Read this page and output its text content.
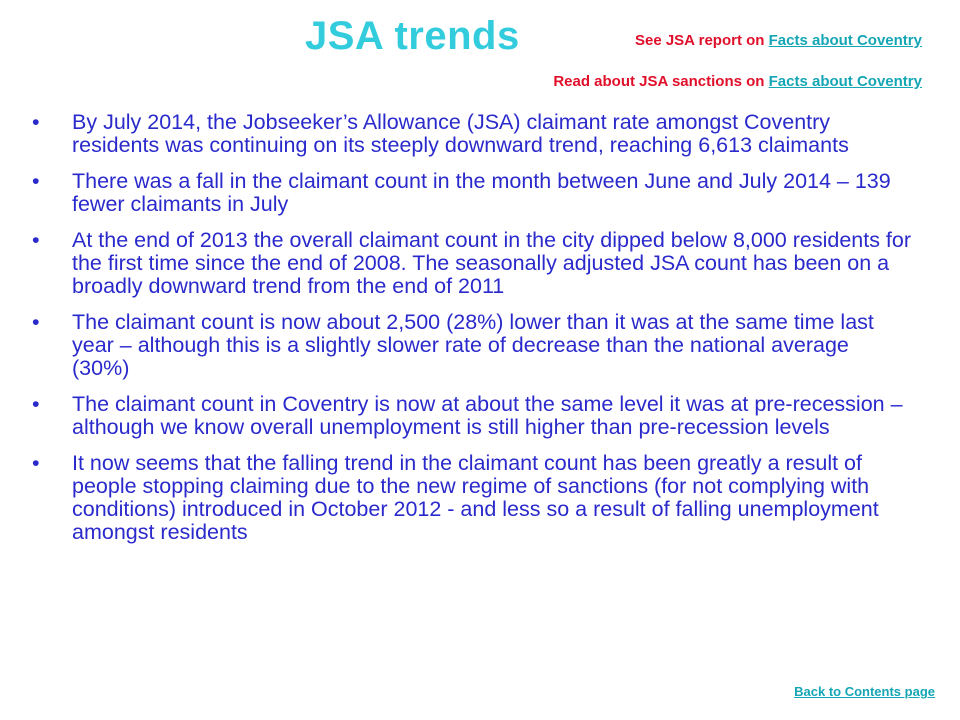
JSA trends	See JSA report on Facts about Coventry
Read about JSA sanctions on Facts about Coventry
•	By July 2014, the Jobseeker’s Allowance (JSA) claimant rate amongst Coventry residents was continuing on its steeply downward trend, reaching 6,613 claimants
•	There was a fall in the claimant count in the month between June and July 2014 – 139 fewer claimants in July
•	At the end of 2013 the overall claimant count in the city dipped below 8,000 residents for the first time since the end of 2008. The seasonally adjusted JSA count has been on a broadly downward trend from the end of 2011
•	The claimant count is now about 2,500 (28%) lower than it was at the same time last year – although this is a slightly slower rate of decrease than the national average (30%)
•	The claimant count in Coventry is now at about the same level it was at pre-recession – although we know overall unemployment is still higher than pre-recession levels
•	It now seems that the falling trend in the claimant count has been greatly a result of people stopping claiming due to the new regime of sanctions (for not complying with conditions) introduced in October 2012 - and less so a result of falling unemployment amongst residents
Back to Contents page
